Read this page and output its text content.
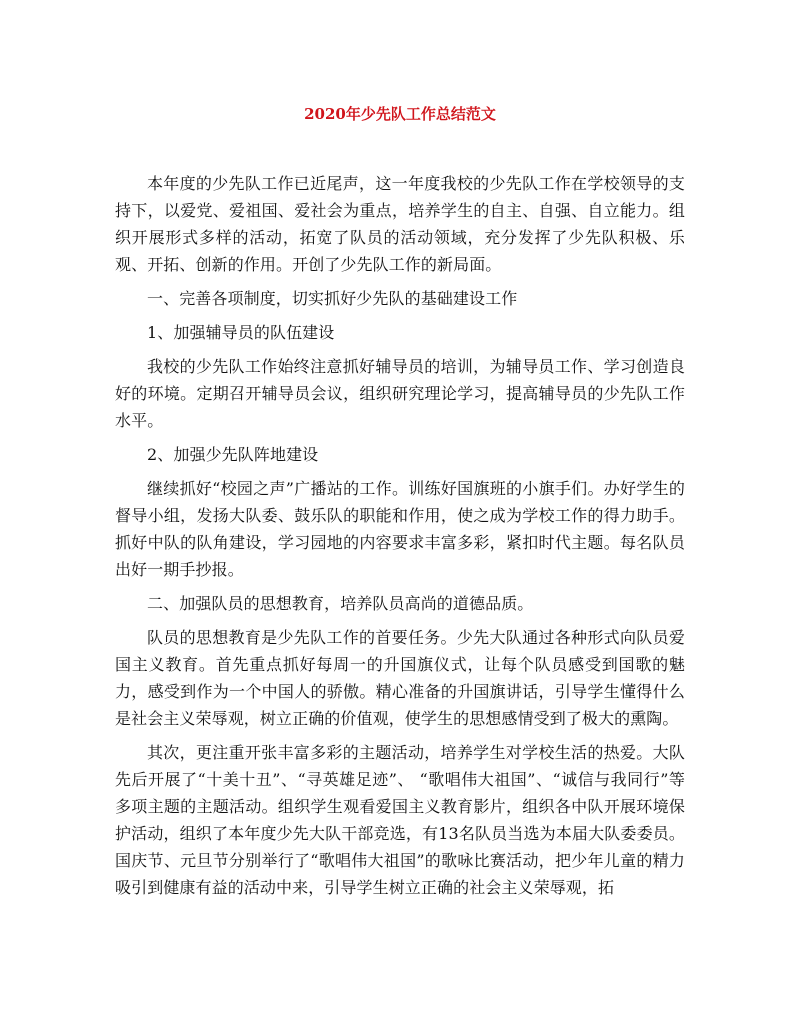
2020年少先队工作总结范文

本年度的少先队工作已近尾声，这一年度我校的少先队工作在学校领导的支持下，以爱党、爱祖国、爱社会为重点，培养学生的自主、自强、自立能力。组织开展形式多样的活动，拓宽了队员的活动领域，充分发挥了少先队积极、乐观、开拓、创新的作用。开创了少先队工作的新局面。

一、完善各项制度，切实抓好少先队的基础建设工作

1、加强辅导员的队伍建设

我校的少先队工作始终注意抓好辅导员的培训，为辅导员工作、学习创造良好的环境。定期召开辅导员会议，组织研究理论学习，提高辅导员的少先队工作水平。

2、加强少先队阵地建设

继续抓好“校园之声”广播站的工作。训练好国旗班的小旗手们。办好学生的督导小组，发扬大队委、鼓乐队的职能和作用，使之成为学校工作的得力助手。抓好中队的队角建设，学习园地的内容要求丰富多彩，紧扣时代主题。每名队员出好一期手抄报。

二、加强队员的思想教育，培养队员高尚的道德品质。

队员的思想教育是少先队工作的首要任务。少先大队通过各种形式向队员爱国主义教育。首先重点抓好每周一的升国旗仪式，让每个队员感受到国歌的魅力，感受到作为一个中国人的骄傲。精心准备的升国旗讲话，引导学生懂得什么是社会主义荣辱观，树立正确的价值观，使学生的思想感情受到了极大的熏陶。

其次，更注重开张丰富多彩的主题活动，培养学生对学校生活的热爱。大队先后开展了“十美十丑”、“寻英雄足迹”、 “歌唱伟大祖国”、“诚信与我同行”等多项主题的主题活动。组织学生观看爱国主义教育影片，组织各中队开展环境保护活动，组织了本年度少先大队干部竞选，有13名队员当选为本届大队委委员。国庆节、元旦节分别举行了“歌唱伟大祖国”的歌咏比赛活动，把少年儿童的精力吸引到健康有益的活动中来，引导学生树立正确的社会主义荣辱观，拓
